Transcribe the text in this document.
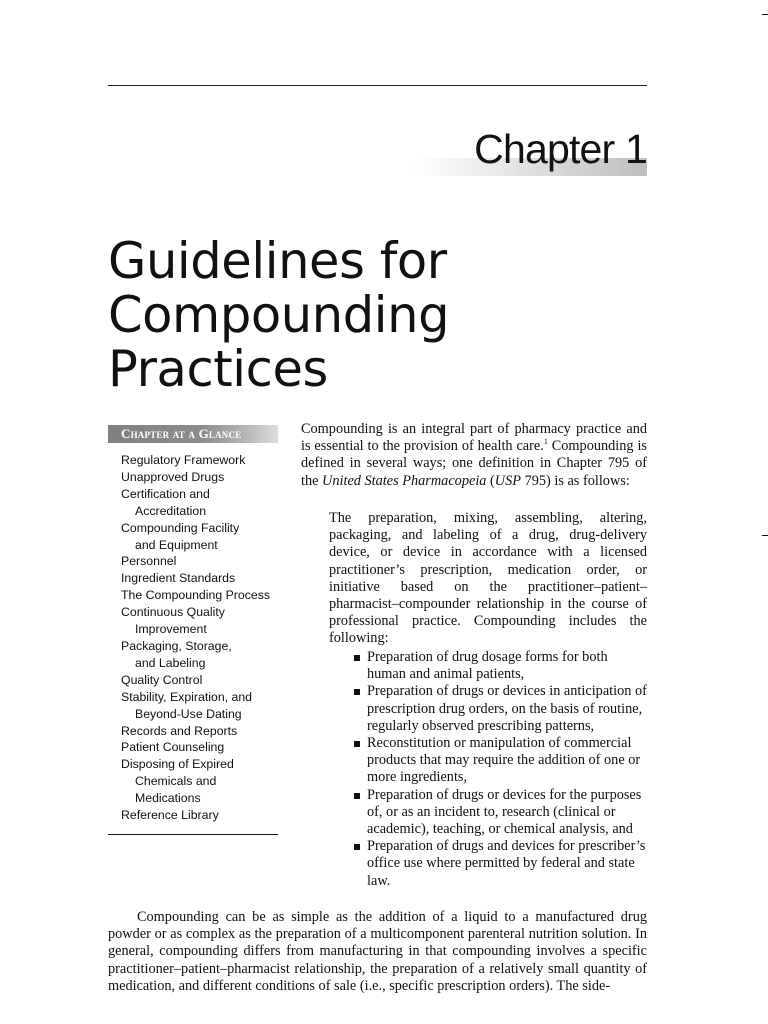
Chapter 1
Guidelines for
Compounding
Practices
Chapter at a Glance
Regulatory Framework
Unapproved Drugs
Certification and
Accreditation
Compounding Facility
and Equipment
Personnel
Ingredient Standards
The Compounding Process
Continuous Quality
Improvement
Packaging, Storage,
and Labeling
Quality Control
Stability, Expiration, and
Beyond-Use Dating
Records and Reports
Patient Counseling
Disposing of Expired
Chemicals and
Medications
Reference Library

Compounding is an integral part of pharmacy practice and is essential to the provision of health care.$^1$ Compounding is defined in several ways; one definition in Chapter 795 of the United States Pharmacopeia (USP 795) is as follows:

The preparation, mixing, assembling, altering, packaging, and labeling of a drug, drug-delivery device, or device in accordance with a licensed practitioner’s prescription, medication order, or initiative based on the practitioner–patient–pharmacist–compounder relationship in the course of professional practice. Compounding includes the following:

Preparation of drug dosage forms for both human and animal patients,
Preparation of drugs or devices in anticipation of prescription drug orders, on the basis of routine, regularly observed prescribing patterns,
Reconstitution or manipulation of commercial products that may require the addition of one or more ingredients,
Preparation of drugs or devices for the purposes of, or as an incident to, research (clinical or academic), teaching, or chemical analysis, and
Preparation of drugs and devices for prescriber’s office use where permitted by federal and state law.

Compounding can be as simple as the addition of a liquid to a manufactured drug powder or as complex as the preparation of a multicomponent parenteral nutrition solution. In general, compounding differs from manufacturing in that compounding involves a specific practitioner–patient–pharmacist relationship, the preparation of a relatively small quantity of medication, and different conditions of sale (i.e., specific prescription orders). The side-
